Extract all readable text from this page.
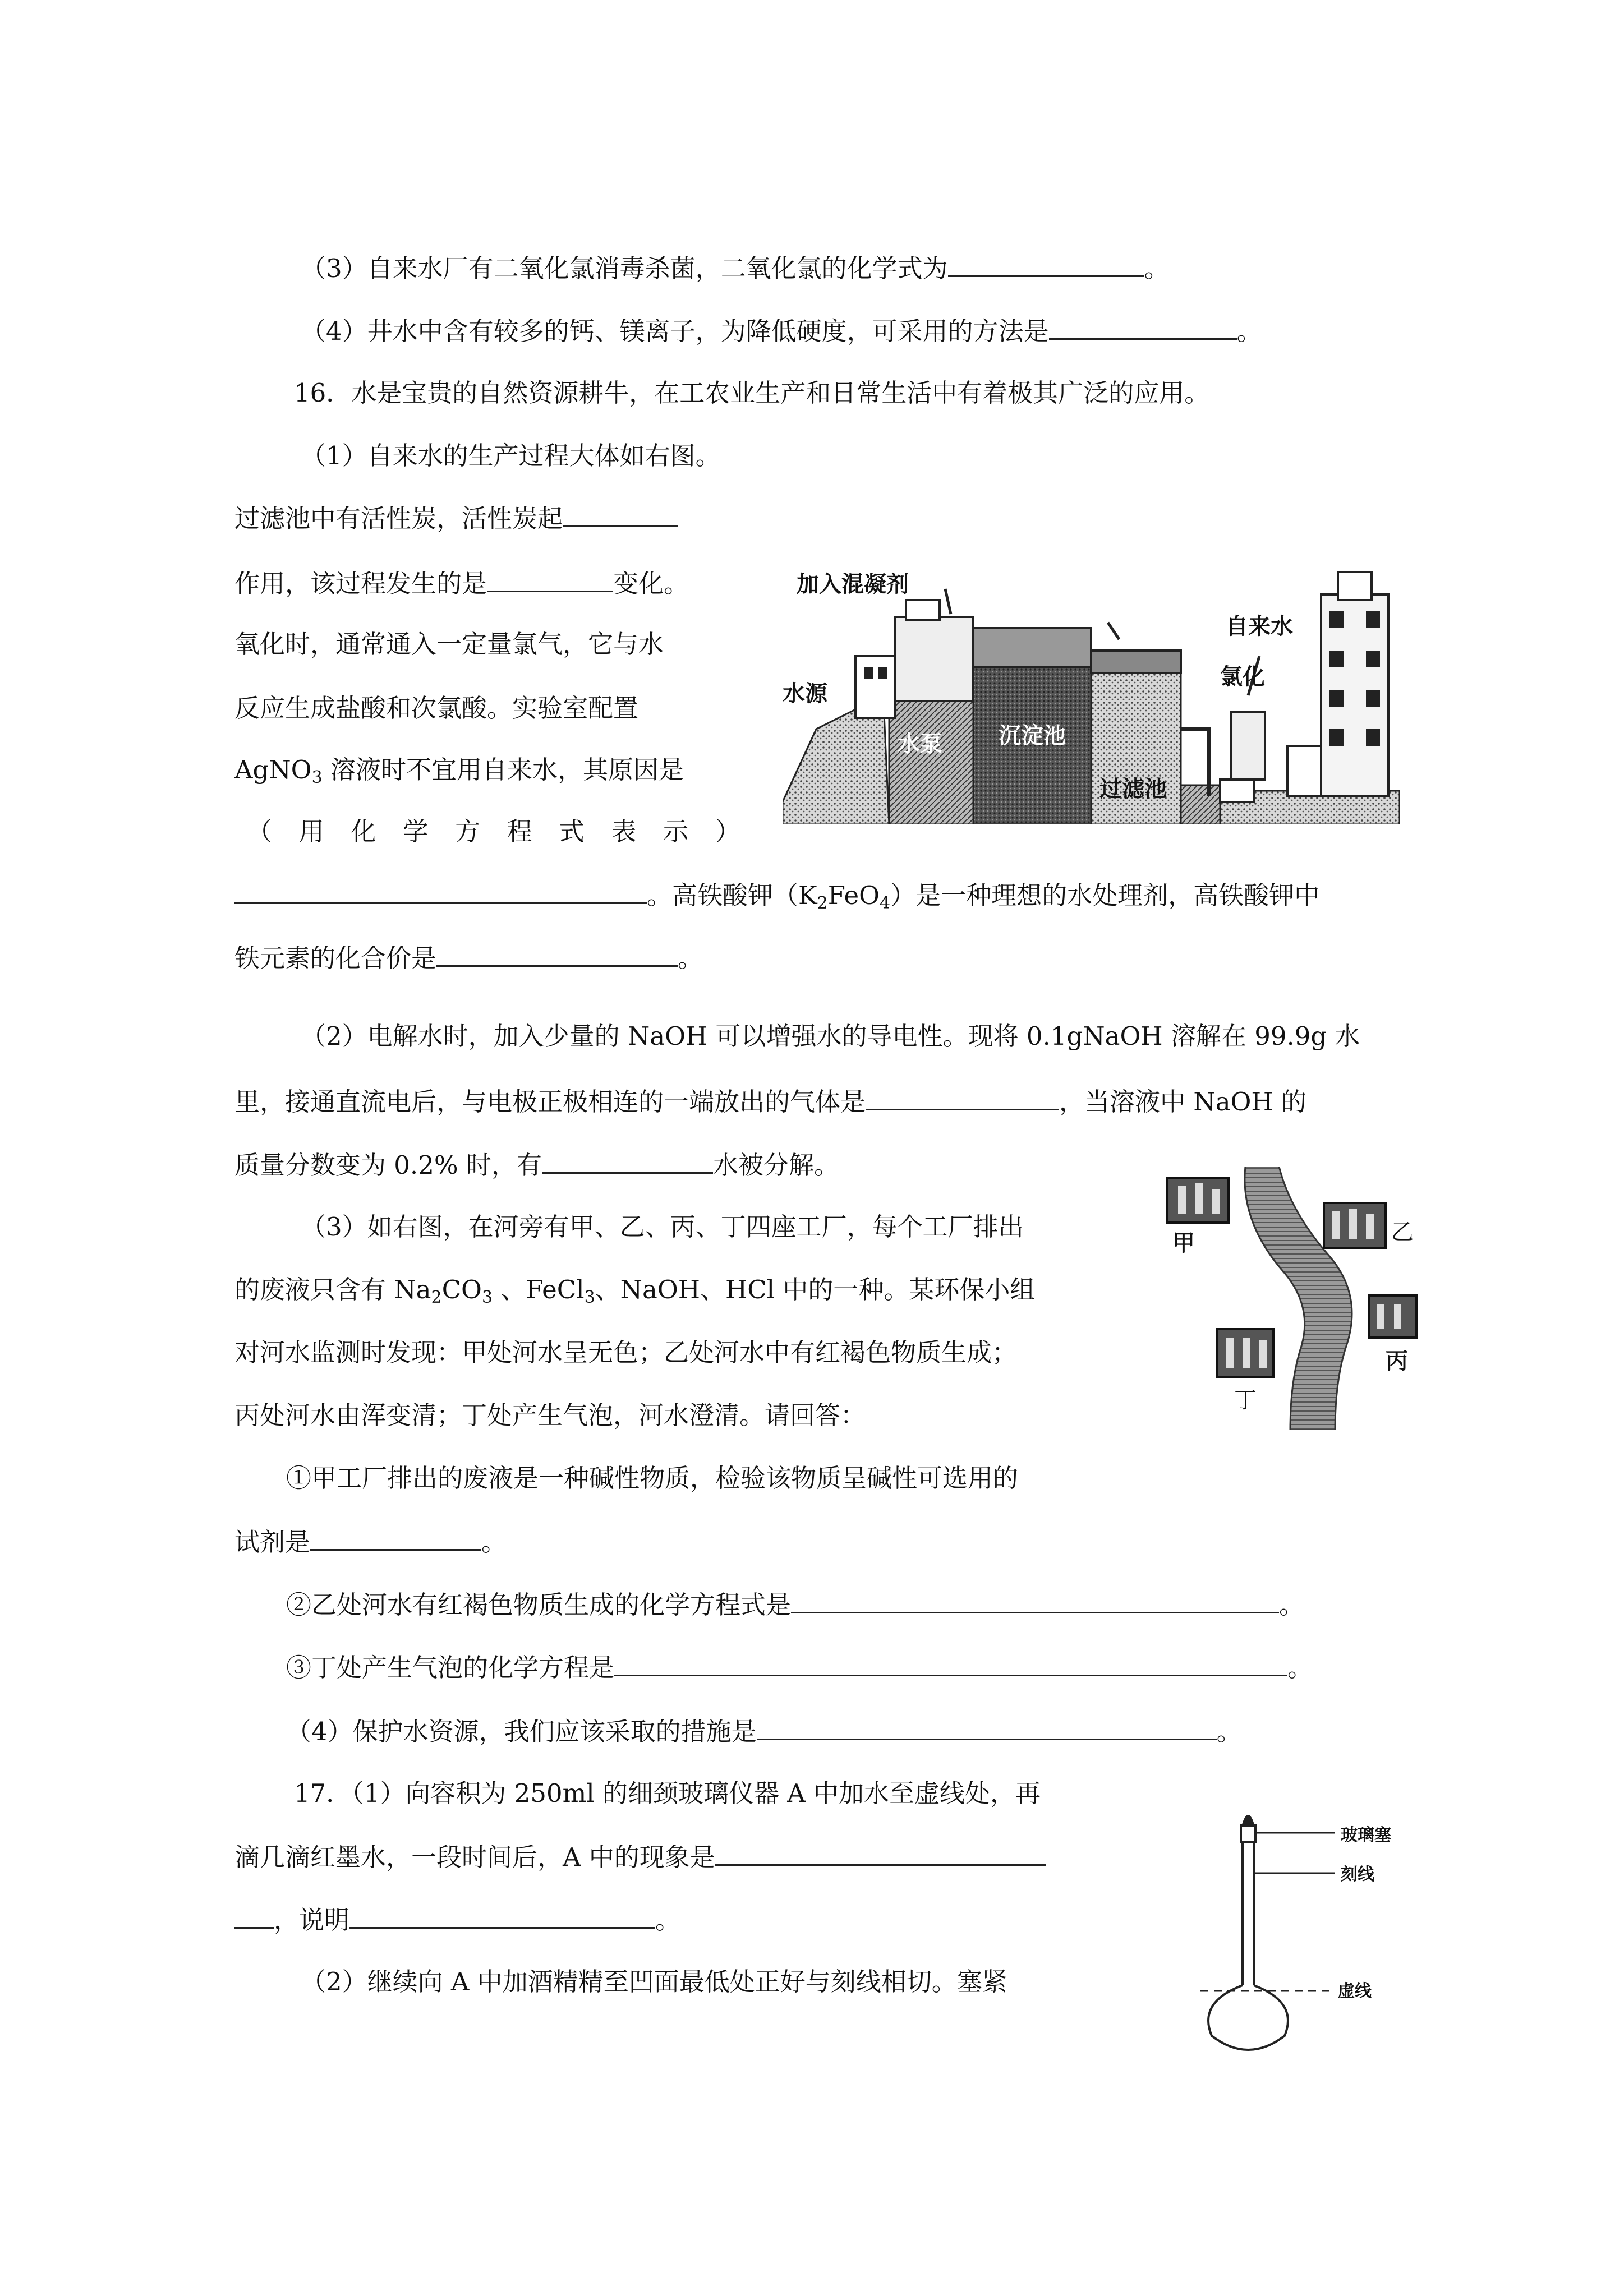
（3）自来水厂有二氧化氯消毒杀菌，二氧化氯的化学式为	。

（4）井水中含有较多的钙、镁离子，为降低硬度，可采用的方法是	。

16．水是宝贵的自然资源耕牛，在工农业生产和日常生活中有着极其广泛的应用。

（1）自来水的生产过程大体如右图。

过滤池中有活性炭，活性炭起

作用，该过程发生的是	变化。

氧化时，通常通入一定量氯气，它与水

反应生成盐酸和次氯酸。实验室配置

AgNO$_3$ 溶液时不宜用自来水，其原因是

（ 用 化 学 方 程 式 表 示 ）

。高铁酸钾$(K_2FeO_4)$是一种理想的水处理剂，高铁酸钾中

铁元素的化合价是	。

（2）电解水时，加入少量的 NaOH 可以增强水的导电性。现将 0.1gNaOH 溶解在 99.9g 水

里，接通直流电后，与电极正极相连的一端放出的气体是	，当溶液中 NaOH 的

质量分数变为 0.2% 时，有	水被分解。

（3）如右图，在河旁有甲、乙、丙、丁四座工厂，每个工厂排出

的废液只含有 $Na_2CO_3$ 、FeCl$_3$、NaOH、HCl 中的一种。某环保小组

对河水监测时发现：甲处河水呈无色；乙处河水中有红褐色物质生成；

丙处河水由浑变清；丁处产生气泡，河水澄清。请回答：

①甲工厂排出的废液是一种碱性物质，检验该物质呈碱性可选用的

试剂是	。

②乙处河水有红褐色物质生成的化学方程式是	。

③丁处产生气泡的化学方程是	。

（4）保护水资源，我们应该采取的措施是	。

17．（1）向容积为 250ml 的细颈玻璃仪器 A 中加水至虚线处，再

滴几滴红墨水，一段时间后，A 中的现象是

，说明	。

（2）继续向 A 中加酒精精至凹面最低处正好与刻线相切。塞紧

加入混凝剂
水源
水泵	沉淀池
过滤池
氯化
自来水
甲	乙
丙
丁
玻璃塞
刻线
虚线
